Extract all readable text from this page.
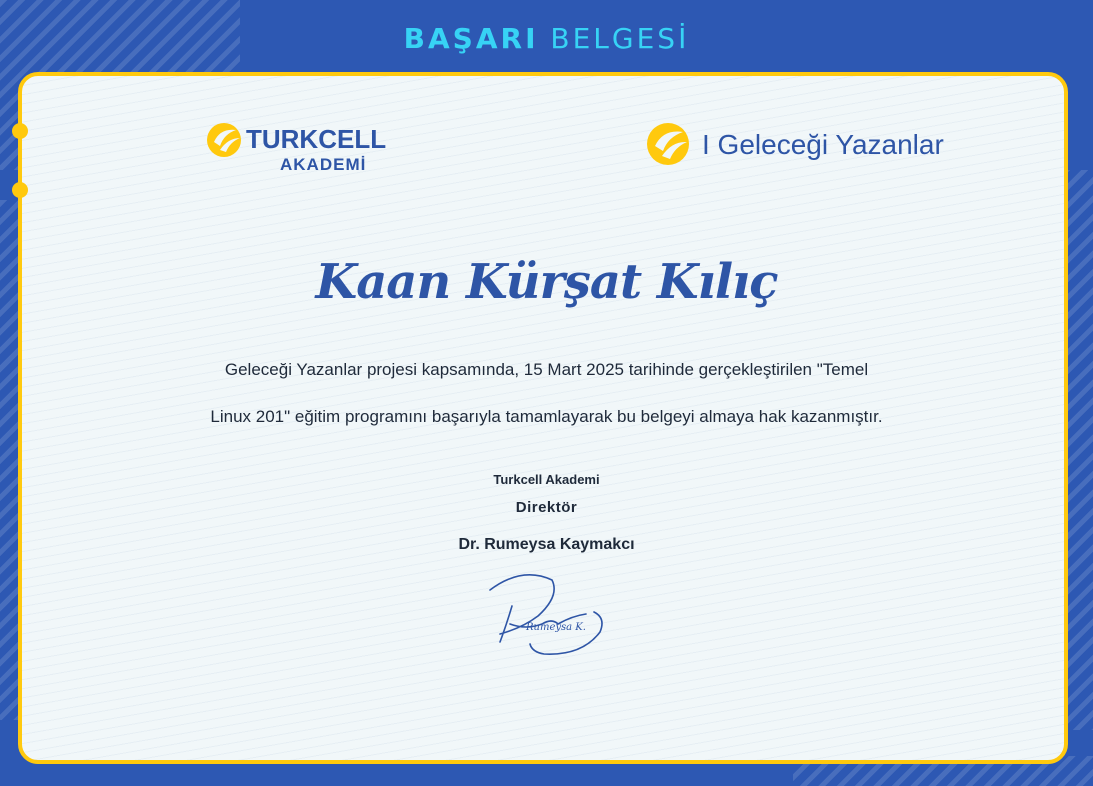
BAŞARI BELGESİ
TURKCELL
AKADEMİ
I Geleceği Yazanlar
Kaan Kürşat Kılıç

Geleceği Yazanlar projesi kapsamında, 15 Mart 2025 tarihinde gerçekleştirilen "Temel

Linux 201" eğitim programını başarıyla tamamlayarak bu belgeyi almaya hak kazanmıştır.

Turkcell Akademi
Direktör
Dr. Rumeysa Kaymakcı
Rumeysa K.
